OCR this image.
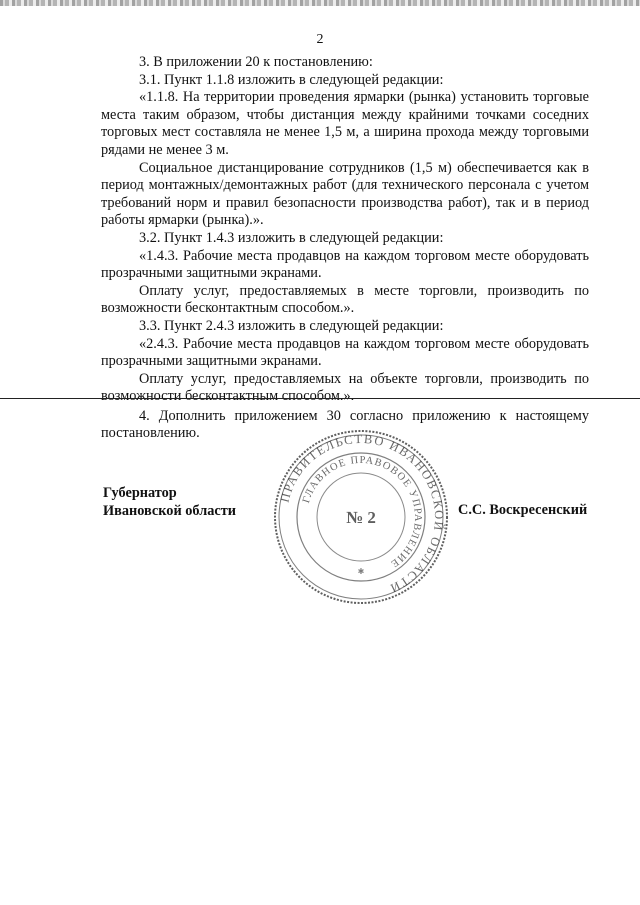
2

3. В приложении 20 к постановлению:

3.1. Пункт 1.1.8 изложить в следующей редакции:

«1.1.8. На территории проведения ярмарки (рынка) установить торговые места таким образом, чтобы дистанция между крайними точками соседних торговых мест составляла не менее 1,5 м, а ширина прохода между торговыми рядами не менее 3 м.

Социальное дистанцирование сотрудников (1,5 м) обеспечивается как в период монтажных/демонтажных работ (для технического персонала с учетом требований норм и правил безопасности производства работ), так и в период работы ярмарки (рынка).».

3.2. Пункт 1.4.3 изложить в следующей редакции:

«1.4.3. Рабочие места продавцов на каждом торговом месте оборудовать прозрачными защитными экранами.

Оплату услуг, предоставляемых в месте торговли, производить по возможности бесконтактным способом.».

3.3. Пункт 2.4.3 изложить в следующей редакции:

«2.4.3. Рабочие места продавцов на каждом торговом месте оборудовать прозрачными защитными экранами.

Оплату услуг, предоставляемых на объекте торговли, производить по возможности бесконтактным способом.».

4. Дополнить приложением 30 согласно приложению к настоящему постановлению.

Губернатор
Ивановской области	С.С. Воскресенский
ПРАВИТЕЛЬСТВО ИВАНОВСКОЙ ОБЛАСТИ
ГЛАВНОЕ ПРАВОВОЕ УПРАВЛЕНИЕ
№ 2
✱
